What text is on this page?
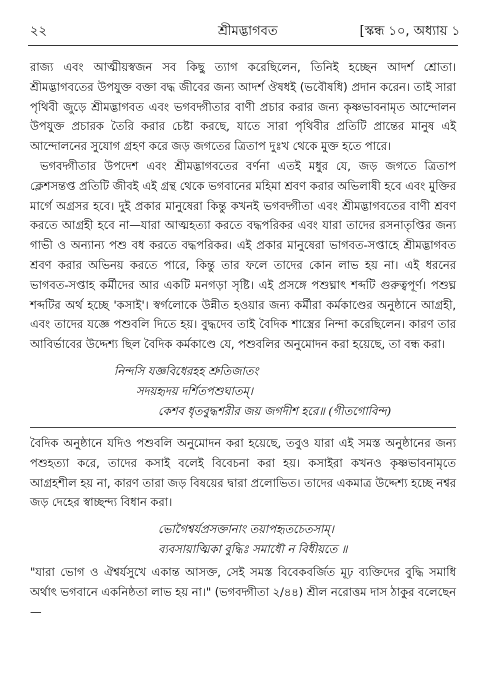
২২	শ্রীমদ্ভাগবত	[স্কন্ধ ১০, অধ্যায় ১

রাজ্য এবং আত্মীয়স্বজন সব কিছু ত্যাগ করেছিলেন, তিনিই হচ্ছেন আদর্শ শ্রোতা। শ্রীমদ্ভাগবতের উপযুক্ত বক্তা বদ্ধ জীবের জন্য আদর্শ ঔষধই (ভবৌষধি) প্রদান করেন। তাই সারা পৃথিবী জুড়ে শ্রীমদ্ভাগবত এবং ভগবদ্গীতার বাণী প্রচার করার জন্য কৃষ্ণভাবনামৃত আন্দোলন উপযুক্ত প্রচারক তৈরি করার চেষ্টা করছে, যাতে সারা পৃথিবীর প্রতিটি প্রান্তের মানুষ এই আন্দোলনের সুযোগ গ্রহণ করে জড় জগতের ত্রিতাপ দুঃখ থেকে মুক্ত হতে পারে।

ভগবদ্গীতার উপদেশ এবং শ্রীমদ্ভাগবতের বর্ণনা এতই মধুর যে, জড় জগতে ত্রিতাপ ক্লেশসন্তপ্ত প্রতিটি জীবই এই গ্রন্থ থেকে ভগবানের মহিমা শ্রবণ করার অভিলাষী হবে এবং মুক্তির মার্গে অগ্রসর হবে। দুই প্রকার মানুষেরা কিন্তু কখনই ভগবদ্গীতা এবং শ্রীমদ্ভাগবতের বাণী শ্রবণ করতে আগ্রহী হবে না—যারা আত্মহত্যা করতে বদ্ধপরিকর এবং যারা তাদের রসনাতৃপ্তির জন্য গাভী ও অন্যান্য পশু বধ করতে বদ্ধপরিকর। এই প্রকার মানুষেরা ভাগবত-সপ্তাহে শ্রীমদ্ভাগবত শ্রবণ করার অভিনয় করতে পারে, কিন্তু তার ফলে তাদের কোন লাভ হয় না। এই ধরনের ভাগবত-সপ্তাহ কর্মীদের আর একটি মনগড়া সৃষ্টি। এই প্রসঙ্গে পশুঘ্নাৎ শব্দটি গুরুত্বপূর্ণ। পশুঘ্ন শব্দটির অর্থ হচ্ছে 'কসাই'। স্বর্গলোকে উন্নীত হওয়ার জন্য কর্মীরা কর্মকাণ্ডের অনুষ্ঠানে আগ্রহী, এবং তাদের যজ্ঞে পশুবলি দিতে হয়। বুদ্ধদেব তাই বৈদিক শাস্ত্রের নিন্দা করেছিলেন। কারণ তার আবির্ভাবের উদ্দেশ্য ছিল বৈদিক কর্মকাণ্ডে যে, পশুবলির অনুমোদন করা হয়েছে, তা বন্ধ করা।

নিন্দসি যজ্ঞবিধেরহহ শ্রুতিজাতং
সদয়হৃদয় দর্শিতপশুঘাতম্।
কেশব ধৃতবুদ্ধশরীর জয় জগদীশ হরে॥ (গীতগোবিন্দ)

বৈদিক অনুষ্ঠানে যদিও পশুবলি অনুমোদন করা হয়েছে, তবুও যারা এই সমস্ত অনুষ্ঠানের জন্য পশুহত্যা করে, তাদের কসাই বলেই বিবেচনা করা হয়। কসাইরা কখনও কৃষ্ণভাবনামৃতে আগ্রহশীল হয় না, কারণ তারা জড় বিষয়ের দ্বারা প্রলোভিত। তাদের একমাত্র উদ্দেশ্য হচ্ছে নশ্বর জড় দেহের স্বাচ্ছন্দ্য বিধান করা।

ভোগৈশ্বর্যপ্রসক্তানাং তয়াপহৃতচেতসাম্।
ব্যবসায়াত্মিকা বুদ্ধিঃ সমাধৌ ন বিধীয়তে ॥

"যারা ভোগ ও ঐশ্বর্যসুখে একান্ত আসক্ত, সেই সমস্ত বিবেকবর্জিত মূঢ় ব্যক্তিদের বুদ্ধি সমাধি অর্থাৎ ভগবানে একনিষ্ঠতা লাভ হয় না।" (ভগবদ্গীতা ২/৪৪) শ্রীল নরোত্তম দাস ঠাকুর বলেছেন—
